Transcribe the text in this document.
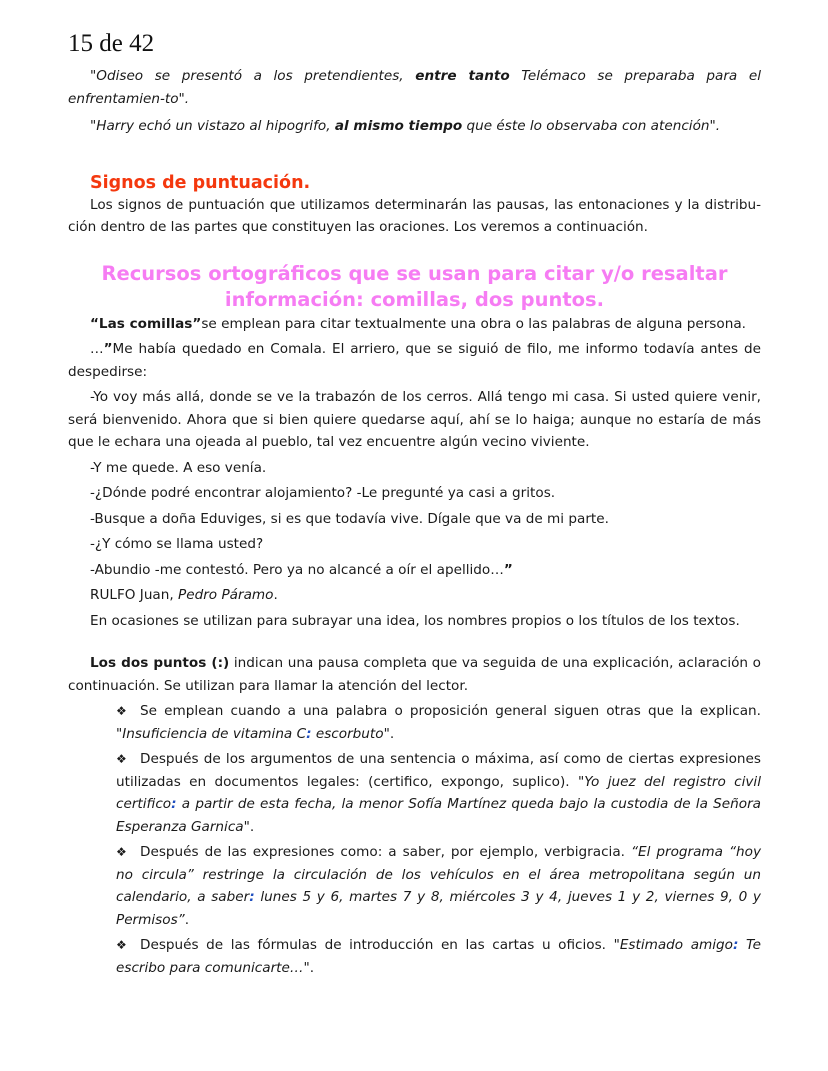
15 de 42

"Odiseo se presentó a los pretendientes, entre tanto Telémaco se preparaba para el enfrentamien-to".

"Harry echó un vistazo al hipogrifo, al mismo tiempo que éste lo observaba con atención".

Signos de puntuación.

Los signos de puntuación que utilizamos determinarán las pausas, las entonaciones y la distribu-ción dentro de las partes que constituyen las oraciones. Los veremos a continuación.

Recursos ortográficos que se usan para citar y/o resaltar información: comillas, dos puntos.

“Las comillas”se emplean para citar textualmente una obra o las palabras de alguna persona.

…”Me había quedado en Comala. El arriero, que se siguió de filo, me informo todavía antes de despedirse:

-Yo voy más allá, donde se ve la trabazón de los cerros. Allá tengo mi casa. Si usted quiere venir, será bienvenido. Ahora que si bien quiere quedarse aquí, ahí se lo haiga; aunque no estaría de más que le echara una ojeada al pueblo, tal vez encuentre algún vecino viviente.

-Y me quede. A eso venía.

-¿Dónde podré encontrar alojamiento? -Le pregunté ya casi a gritos.

-Busque a doña Eduviges, si es que todavía vive. Dígale que va de mi parte.

-¿Y cómo se llama usted?

-Abundio -me contestó. Pero ya no alcancé a oír el apellido…”

RULFO Juan, Pedro Páramo.

En ocasiones se utilizan para subrayar una idea, los nombres propios o los títulos de los textos.

Los dos puntos (:) indican una pausa completa que va seguida de una explicación, aclaración o continuación. Se utilizan para llamar la atención del lector.

❖ Se emplean cuando a una palabra o proposición general siguen otras que la explican. "Insuficiencia de vitamina C: escorbuto".
❖ Después de los argumentos de una sentencia o máxima, así como de ciertas expresiones utilizadas en documentos legales: (certifico, expongo, suplico). "Yo juez del registro civil certifico: a partir de esta fecha, la menor Sofía Martínez queda bajo la custodia de la Señora Esperanza Garnica".
❖ Después de las expresiones como: a saber, por ejemplo, verbigracia. “El programa “hoy no circula” restringe la circulación de los vehículos en el área metropolitana según un calendario, a saber: lunes 5 y 6, martes 7 y 8, miércoles 3 y 4, jueves 1 y 2, viernes 9, 0 y Permisos”.
❖ Después de las fórmulas de introducción en las cartas u oficios. "Estimado amigo: Te escribo para comunicarte…".
